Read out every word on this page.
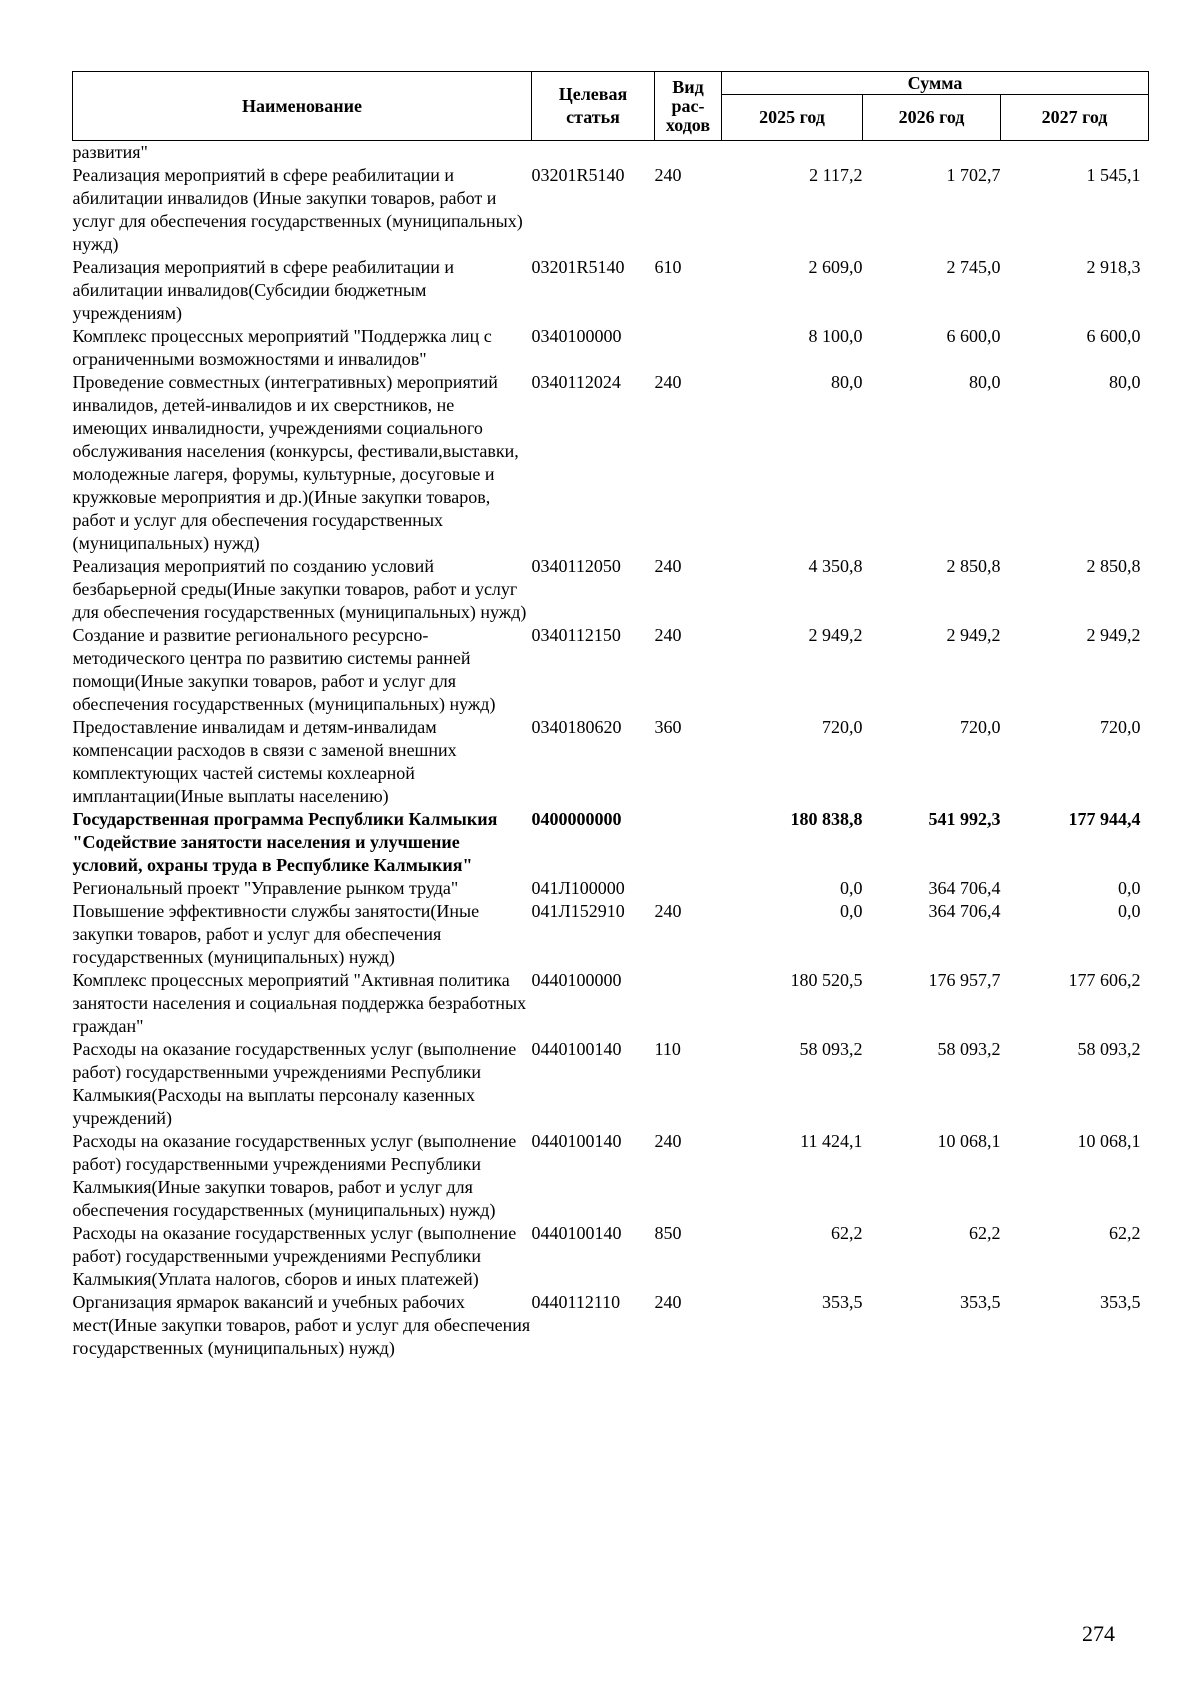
Наименование	Целевая статья	Вид рас-ходов	Сумма		
			2025 год	2026 год	2027 год
развития"					
Реализация мероприятий в сфере реабилитации и абилитации инвалидов (Иные закупки товаров, работ и услуг для обеспечения государственных (муниципальных) нужд)	03201R5140	240	2 117,2	1 702,7	1 545,1
Реализация мероприятий в сфере реабилитации и абилитации инвалидов(Субсидии бюджетным учреждениям)	03201R5140	610	2 609,0	2 745,0	2 918,3
Комплекс процессных мероприятий "Поддержка лиц с ограниченными возможностями и инвалидов"	0340100000		8 100,0	6 600,0	6 600,0
Проведение совместных (интегративных) мероприятий инвалидов, детей-инвалидов и их сверстников, не имеющих инвалидности, учреждениями социального обслуживания населения (конкурсы, фестивали,выставки, молодежные лагеря, форумы, культурные, досуговые и кружковые мероприятия и др.)(Иные закупки товаров, работ и услуг для обеспечения государственных (муниципальных) нужд)	0340112024	240	80,0	80,0	80,0
Реализация мероприятий по созданию условий безбарьерной среды(Иные закупки товаров, работ и услуг для обеспечения государственных (муниципальных) нужд)	0340112050	240	4 350,8	2 850,8	2 850,8
Создание и развитие регионального ресурсно-методического центра по развитию системы ранней помощи(Иные закупки товаров, работ и услуг для обеспечения государственных (муниципальных) нужд)	0340112150	240	2 949,2	2 949,2	2 949,2
Предоставление инвалидам и детям-инвалидам компенсации расходов в связи с заменой внешних комплектующих частей системы кохлеарной имплантации(Иные выплаты населению)	0340180620	360	720,0	720,0	720,0
Государственная программа Республики Калмыкия "Содействие занятости населения и улучшение условий, охраны труда в Республике Калмыкия"	0400000000		180 838,8	541 992,3	177 944,4
Региональный проект "Управление рынком труда"	041Л100000		0,0	364 706,4	0,0
Повышение эффективности службы занятости(Иные закупки товаров, работ и услуг для обеспечения государственных (муниципальных) нужд)	041Л152910	240	0,0	364 706,4	0,0
Комплекс процессных мероприятий "Активная политика занятости населения и социальная поддержка безработных граждан"	0440100000		180 520,5	176 957,7	177 606,2
Расходы на оказание государственных услуг (выполнение работ) государственными учреждениями Республики Калмыкия(Расходы на выплаты персоналу казенных учреждений)	0440100140	110	58 093,2	58 093,2	58 093,2
Расходы на оказание государственных услуг (выполнение работ) государственными учреждениями Республики Калмыкия(Иные закупки товаров, работ и услуг для обеспечения государственных (муниципальных) нужд)	0440100140	240	11 424,1	10 068,1	10 068,1
Расходы на оказание государственных услуг (выполнение работ) государственными учреждениями Республики Калмыкия(Уплата налогов, сборов и иных платежей)	0440100140	850	62,2	62,2	62,2
Организация ярмарок вакансий и учебных рабочих мест(Иные закупки товаров, работ и услуг для обеспечения государственных (муниципальных) нужд)	0440112110	240	353,5	353,5	353,5
274
